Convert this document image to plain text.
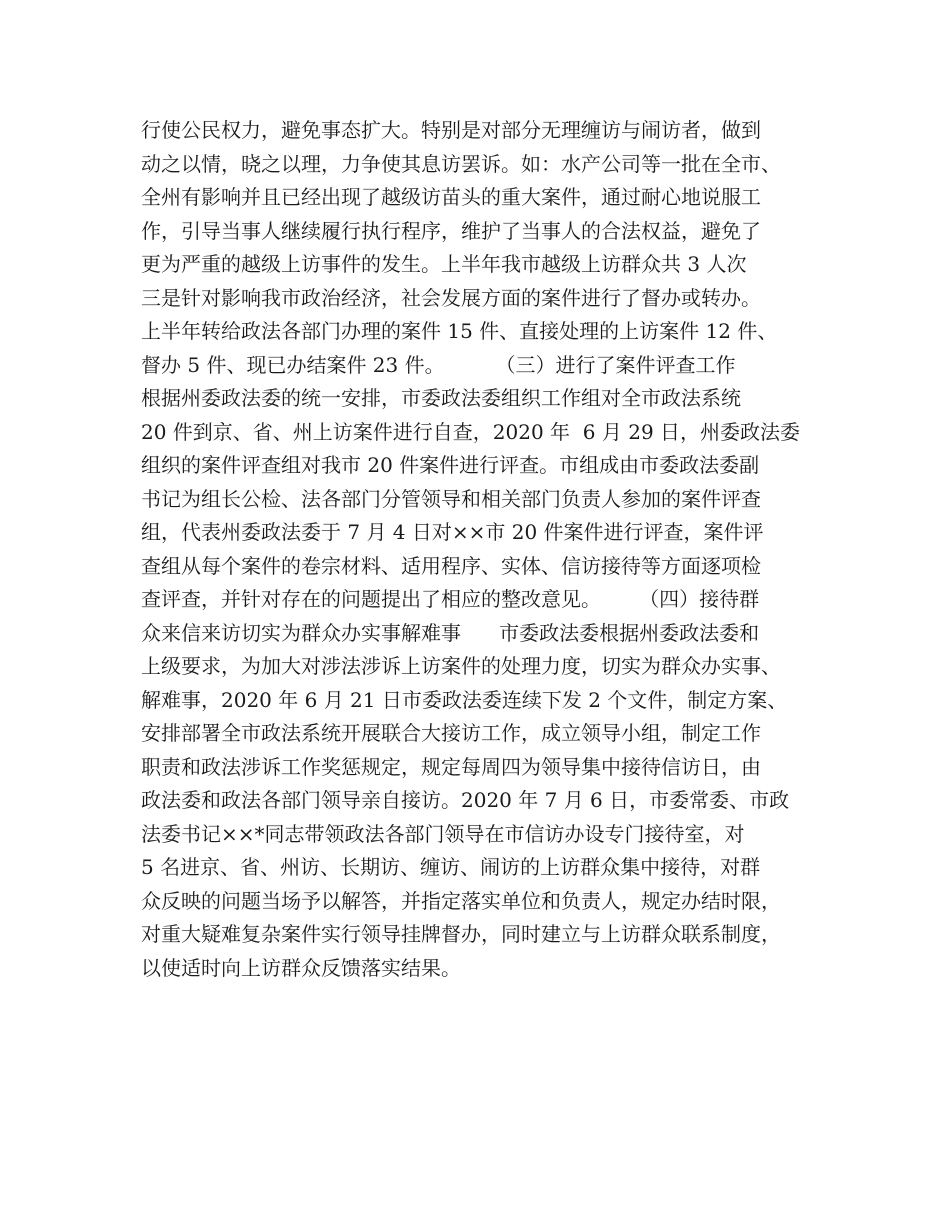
行使公民权力，避免事态扩大。特别是对部分无理缠访与闹访者，做到
动之以情，晓之以理，力争使其息访罢诉。如：水产公司等一批在全市、
全州有影响并且已经出现了越级访苗头的重大案件，通过耐心地说服工
作，引导当事人继续履行执行程序，维护了当事人的合法权益，避免了
更为严重的越级上访事件的发生。上半年我市越级上访群众共 3 人次
三是针对影响我市政治经济，社会发展方面的案件进行了督办或转办。
上半年转给政法各部门办理的案件 15 件、直接处理的上访案件 12 件、
督办 5 件、现已办结案件 23 件。        （三）进行了案件评查工作
根据州委政法委的统一安排，市委政法委组织工作组对全市政法系统
20 件到京、省、州上访案件进行自查，2020 年  6 月 29 日，州委政法委
组织的案件评查组对我市 20 件案件进行评查。市组成由市委政法委副
书记为组长公检、法各部门分管领导和相关部门负责人参加的案件评查
组，代表州委政法委于 7 月 4 日对××市 20 件案件进行评查，案件评
查组从每个案件的卷宗材料、适用程序、实体、信访接待等方面逐项检
查评查，并针对存在的问题提出了相应的整改意见。      （四）接待群
众来信来访切实为群众办实事解难事      市委政法委根据州委政法委和
上级要求，为加大对涉法涉诉上访案件的处理力度，切实为群众办实事、
解难事，2020 年 6 月 21 日市委政法委连续下发 2 个文件，制定方案、
安排部署全市政法系统开展联合大接访工作，成立领导小组，制定工作
职责和政法涉诉工作奖惩规定，规定每周四为领导集中接待信访日，由
政法委和政法各部门领导亲自接访。2020 年 7 月 6 日，市委常委、市政
法委书记××*同志带领政法各部门领导在市信访办设专门接待室，对
5 名进京、省、州访、长期访、缠访、闹访的上访群众集中接待，对群
众反映的问题当场予以解答，并指定落实单位和负责人，规定办结时限，
对重大疑难复杂案件实行领导挂牌督办，同时建立与上访群众联系制度，
以使适时向上访群众反馈落实结果。
